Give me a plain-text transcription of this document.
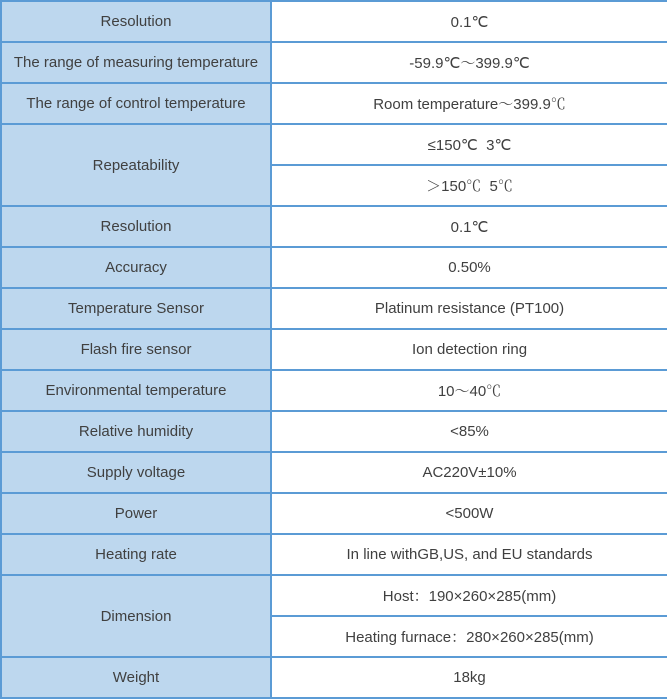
Resolution	0.1℃
The range of measuring temperature	-59.9℃～399.9℃
The range of control temperature	Room temperature～399.9℃
Repeatability	≤150℃  3℃
	＞150℃  5℃
Resolution	0.1℃
Accuracy	0.50%
Temperature Sensor	Platinum resistance (PT100)
Flash fire sensor	Ion detection ring
Environmental temperature	10～40℃
Relative humidity	<85%
Supply voltage	AC220V±10%
Power	<500W
Heating rate	In line withGB,US, and EU standards
Dimension	Host：190×260×285(mm)
	Heating furnace：280×260×285(mm)
Weight	18kg
